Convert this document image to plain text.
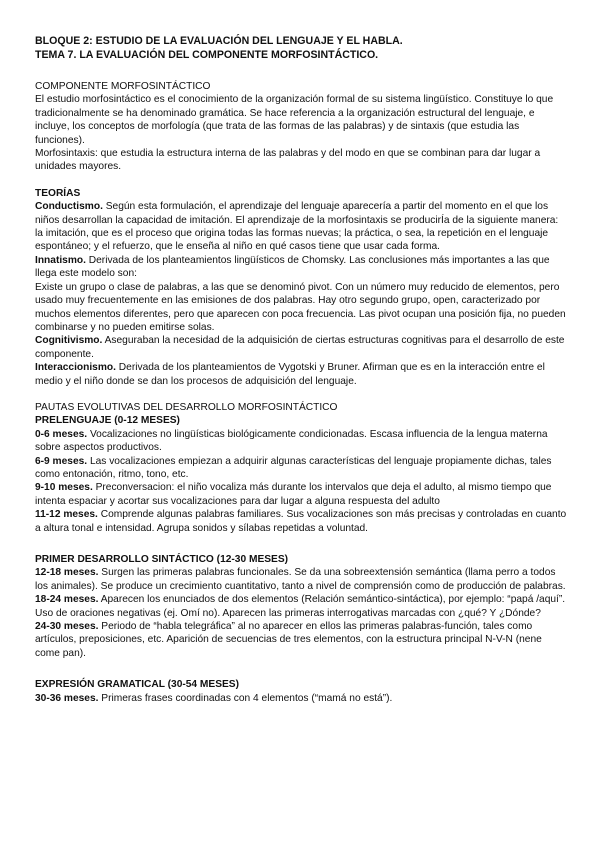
BLOQUE 2: ESTUDIO DE LA EVALUACIÓN DEL LENGUAJE Y EL HABLA.

TEMA 7. LA EVALUACIÓN DEL COMPONENTE MORFOSINTÁCTICO.

COMPONENTE MORFOSINTÁCTICO

El estudio morfosintáctico es el conocimiento de la organización formal de su sistema lingüístico. Constituye lo que tradicionalmente se ha denominado gramática. Se hace referencia a la organización estructural del lenguaje, e incluye, los conceptos de morfología (que trata de las formas de las palabras) y de sintaxis (que estudia las funciones).

Morfosintaxis: que estudia la estructura interna de las palabras y del modo en que se combinan para dar lugar a unidades mayores.

TEORÍAS

Conductismo. Según esta formulación, el aprendizaje del lenguaje aparecería a partir del momento en el que los niños desarrollan la capacidad de imitación. El aprendizaje de la morfosintaxis se producirÍa de la siguiente manera: la imitación, que es el proceso que origina todas las formas nuevas; la práctica, o sea, la repetición en el lenguaje espontáneo; y el refuerzo, que le enseña al niño en qué casos tiene que usar cada forma.

Innatismo. Derivada de los planteamientos lingüísticos de Chomsky. Las conclusiones más importantes a las que llega este modelo son:

Existe un grupo o clase de palabras, a las que se denominó pivot. Con un número muy reducido de elementos, pero usado muy frecuentemente en las emisiones de dos palabras. Hay otro segundo grupo, open, caracterizado por muchos elementos diferentes, pero que aparecen con poca frecuencia. Las pivot ocupan una posición fija, no pueden combinarse y no pueden emitirse solas.

Cognitivismo. Aseguraban la necesidad de la adquisición de ciertas estructuras cognitivas para el desarrollo de este componente.

Interaccionismo. Derivada de los planteamientos de Vygotski y Bruner. Afirman que es en la interacción entre el medio y el niño donde se dan los procesos de adquisición del lenguaje.

PAUTAS EVOLUTIVAS DEL DESARROLLO MORFOSINTÁCTICO

PRELENGUAJE (0-12 MESES)

0-6 meses. Vocalizaciones no lingüísticas biológicamente condicionadas. Escasa influencia de la lengua materna sobre aspectos productivos.

6-9 meses. Las vocalizaciones empiezan a adquirir algunas características del lenguaje propiamente dichas, tales como entonación, ritmo, tono, etc.

9-10 meses. Preconversacion: el niño vocaliza más durante los intervalos que deja el adulto, al mismo tiempo que intenta espaciar y acortar sus vocalizaciones para dar lugar a alguna respuesta del adulto

11-12 meses. Comprende algunas palabras familiares. Sus vocalizaciones son más precisas y controladas en cuanto a altura tonal e intensidad. Agrupa sonidos y sílabas repetidas a voluntad.

PRIMER DESARROLLO SINTÁCTICO (12-30 MESES)

12-18 meses. Surgen las primeras palabras funcionales. Se da una sobreextensión semántica (llama perro a todos los animales). Se produce un crecimiento cuantitativo, tanto a nivel de comprensión como de producción de palabras.

18-24 meses. Aparecen los enunciados de dos elementos (Relación semántico-sintáctica), por ejemplo: “papá /aquí”. Uso de oraciones negativas (ej. Omí no). Aparecen las primeras interrogativas marcadas con ¿qué? Y ¿Dónde?

24-30 meses. Periodo de “habla telegráfica” al no aparecer en ellos las primeras palabras-función, tales como artículos, preposiciones, etc. Aparición de secuencias de tres elementos, con la estructura principal N-V-N (nene come pan).

EXPRESIÓN GRAMATICAL (30-54 MESES)

30-36 meses. Primeras frases coordinadas con 4 elementos (“mamá no está”).
